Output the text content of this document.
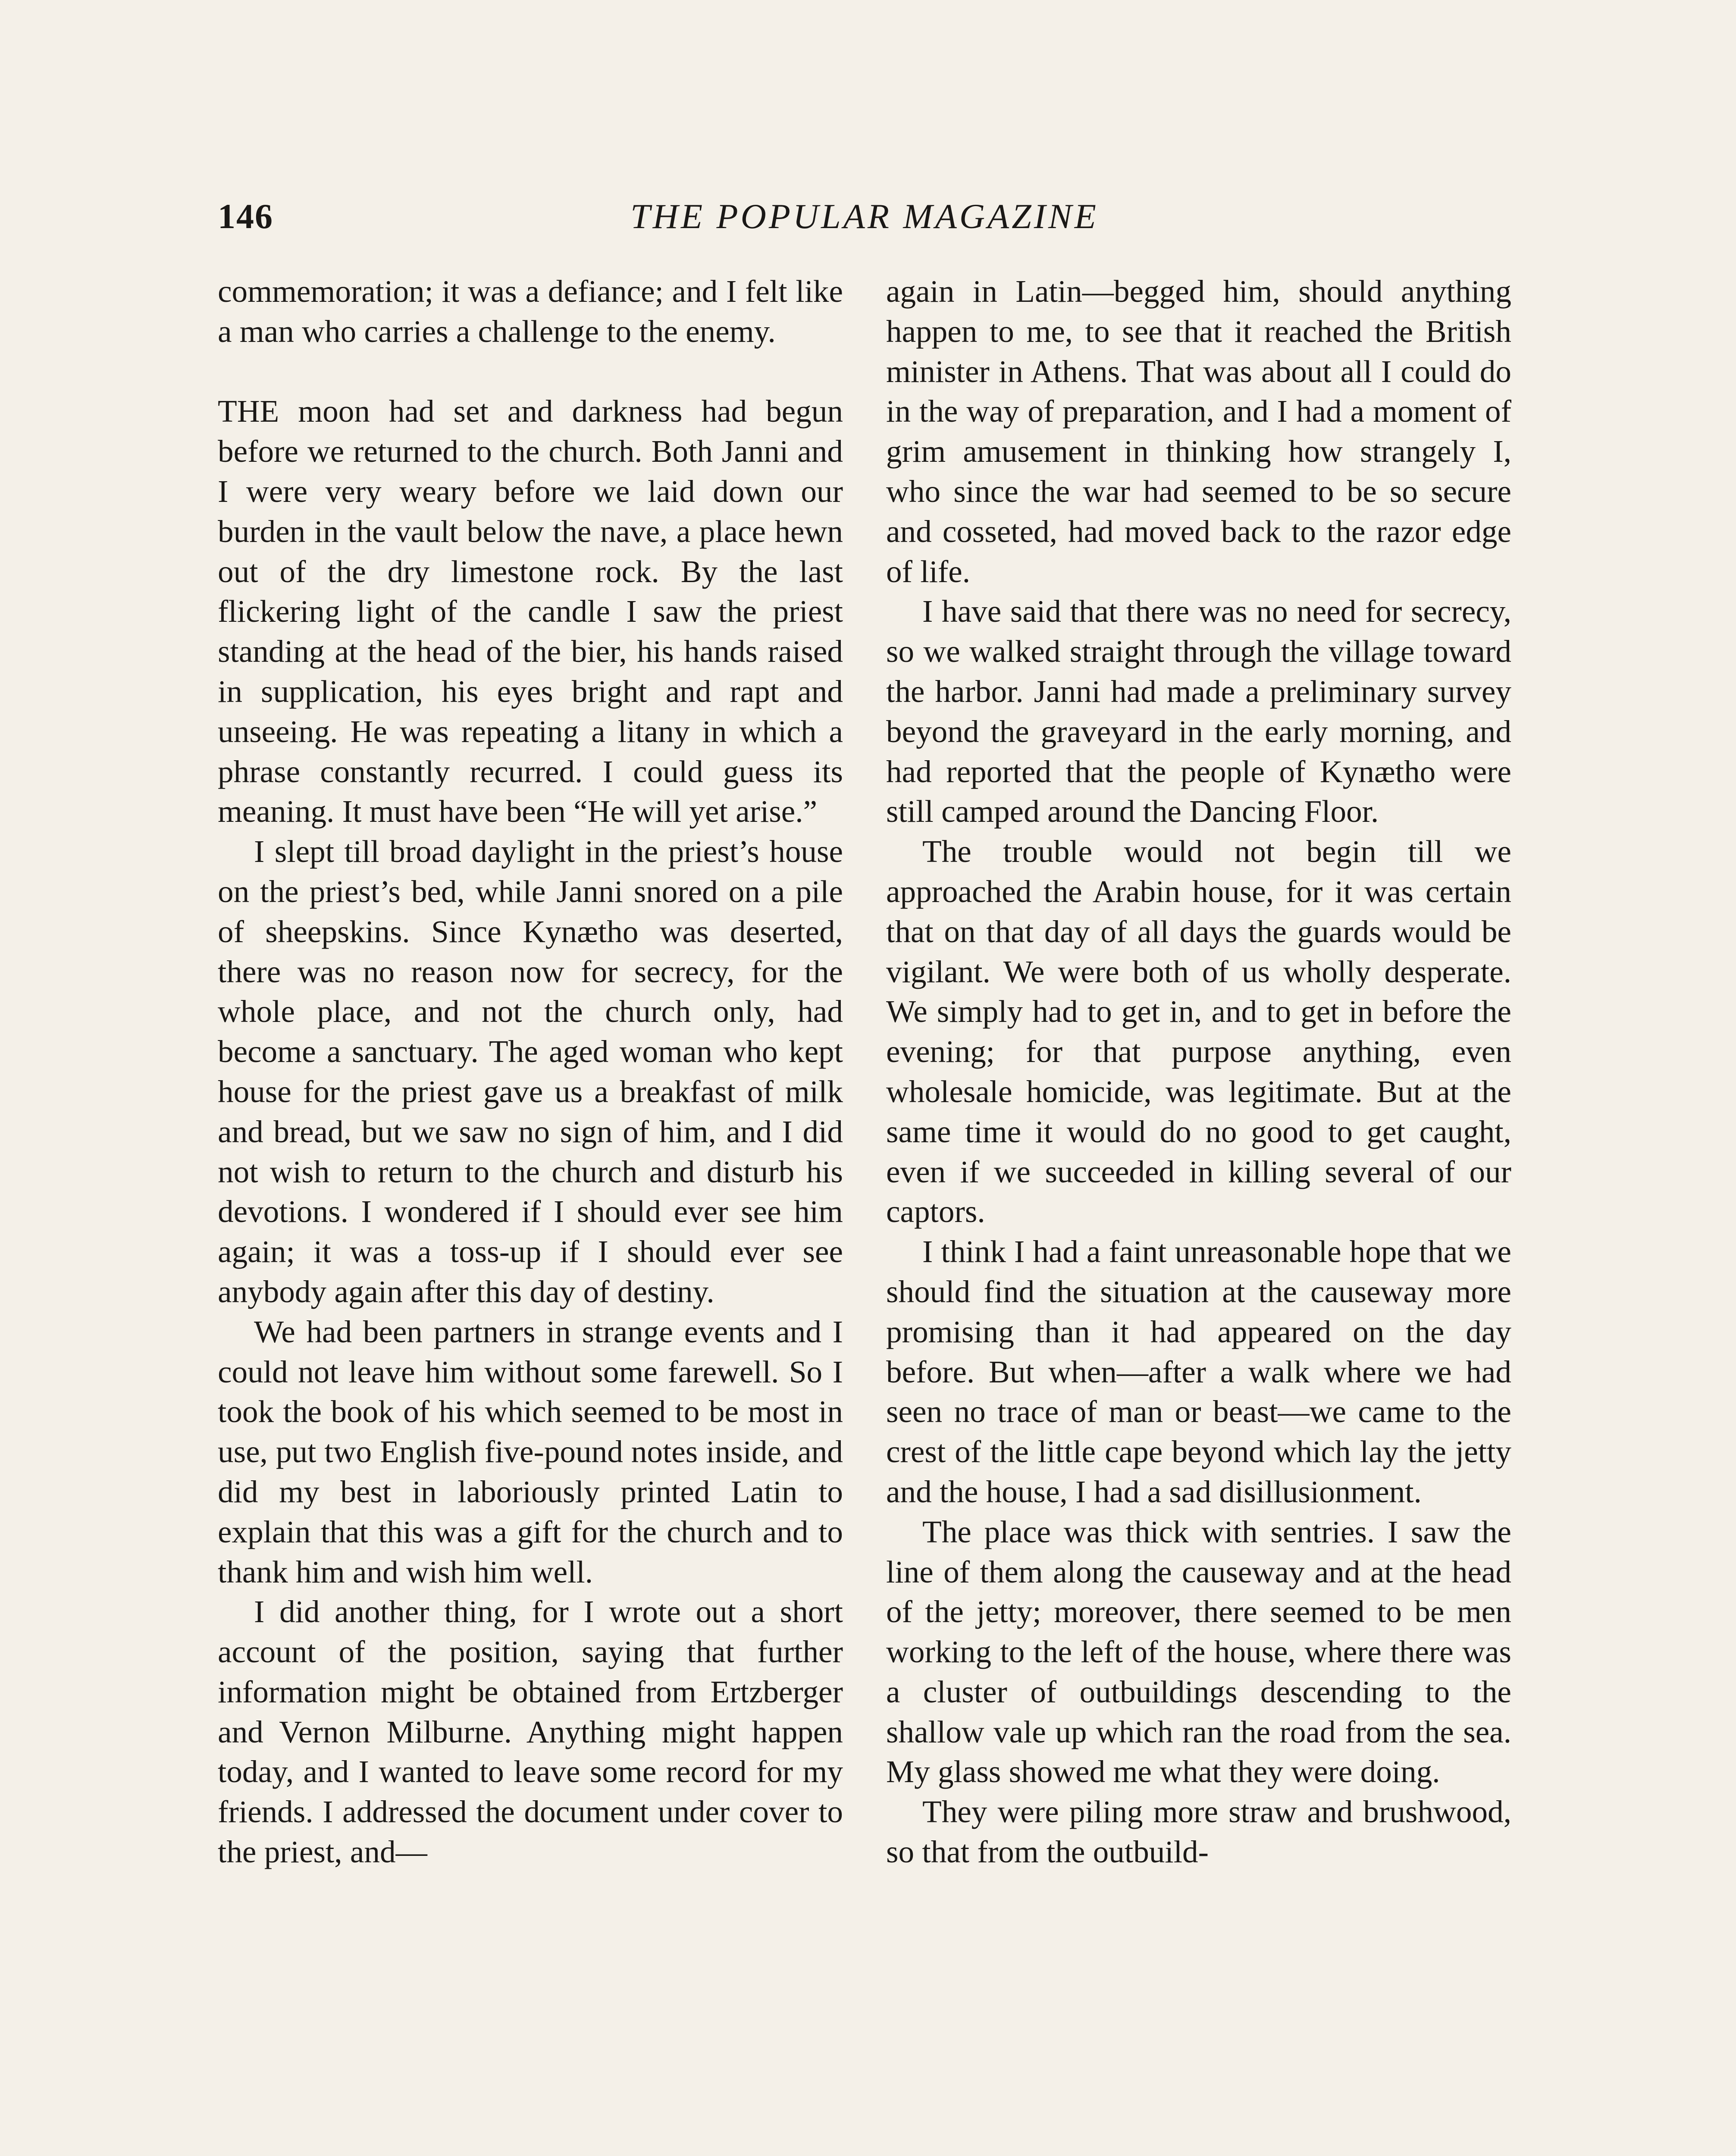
146	THE POPULAR MAGAZINE

commemoration; it was a defiance; and I felt like a man who carries a challenge to the enemy.

THE moon had set and darkness had begun before we returned to the church. Both Janni and I were very weary before we laid down our burden in the vault below the nave, a place hewn out of the dry limestone rock. By the last flickering light of the candle I saw the priest standing at the head of the bier, his hands raised in supplication, his eyes bright and rapt and unseeing. He was repeating a litany in which a phrase constantly recurred. I could guess its meaning. It must have been “He will yet arise.”

I slept till broad daylight in the priest’s house on the priest’s bed, while Janni snored on a pile of sheepskins. Since Kynætho was deserted, there was no reason now for secrecy, for the whole place, and not the church only, had become a sanctuary. The aged woman who kept house for the priest gave us a breakfast of milk and bread, but we saw no sign of him, and I did not wish to return to the church and disturb his devotions. I wondered if I should ever see him again; it was a toss-up if I should ever see anybody again after this day of destiny.

We had been partners in strange events and I could not leave him without some farewell. So I took the book of his which seemed to be most in use, put two English five-pound notes inside, and did my best in laboriously printed Latin to explain that this was a gift for the church and to thank him and wish him well.

I did another thing, for I wrote out a short account of the position, saying that further information might be obtained from Ertzberger and Vernon Milburne. Anything might happen today, and I wanted to leave some record for my friends. I addressed the document under cover to the priest, and—

again in Latin—begged him, should anything happen to me, to see that it reached the British minister in Athens. That was about all I could do in the way of preparation, and I had a moment of grim amusement in thinking how strangely I, who since the war had seemed to be so secure and cosseted, had moved back to the razor edge of life.

I have said that there was no need for secrecy, so we walked straight through the village toward the harbor. Janni had made a preliminary survey beyond the graveyard in the early morning, and had reported that the people of Kynætho were still camped around the Dancing Floor.

The trouble would not begin till we approached the Arabin house, for it was certain that on that day of all days the guards would be vigilant. We were both of us wholly desperate. We simply had to get in, and to get in before the evening; for that purpose anything, even wholesale homicide, was legitimate. But at the same time it would do no good to get caught, even if we succeeded in killing several of our captors.

I think I had a faint unreasonable hope that we should find the situation at the causeway more promising than it had appeared on the day before. But when—after a walk where we had seen no trace of man or beast—we came to the crest of the little cape beyond which lay the jetty and the house, I had a sad disillusionment.

The place was thick with sentries. I saw the line of them along the causeway and at the head of the jetty; moreover, there seemed to be men working to the left of the house, where there was a cluster of outbuildings descending to the shallow vale up which ran the road from the sea. My glass showed me what they were doing.

They were piling more straw and brushwood, so that from the outbuild-
